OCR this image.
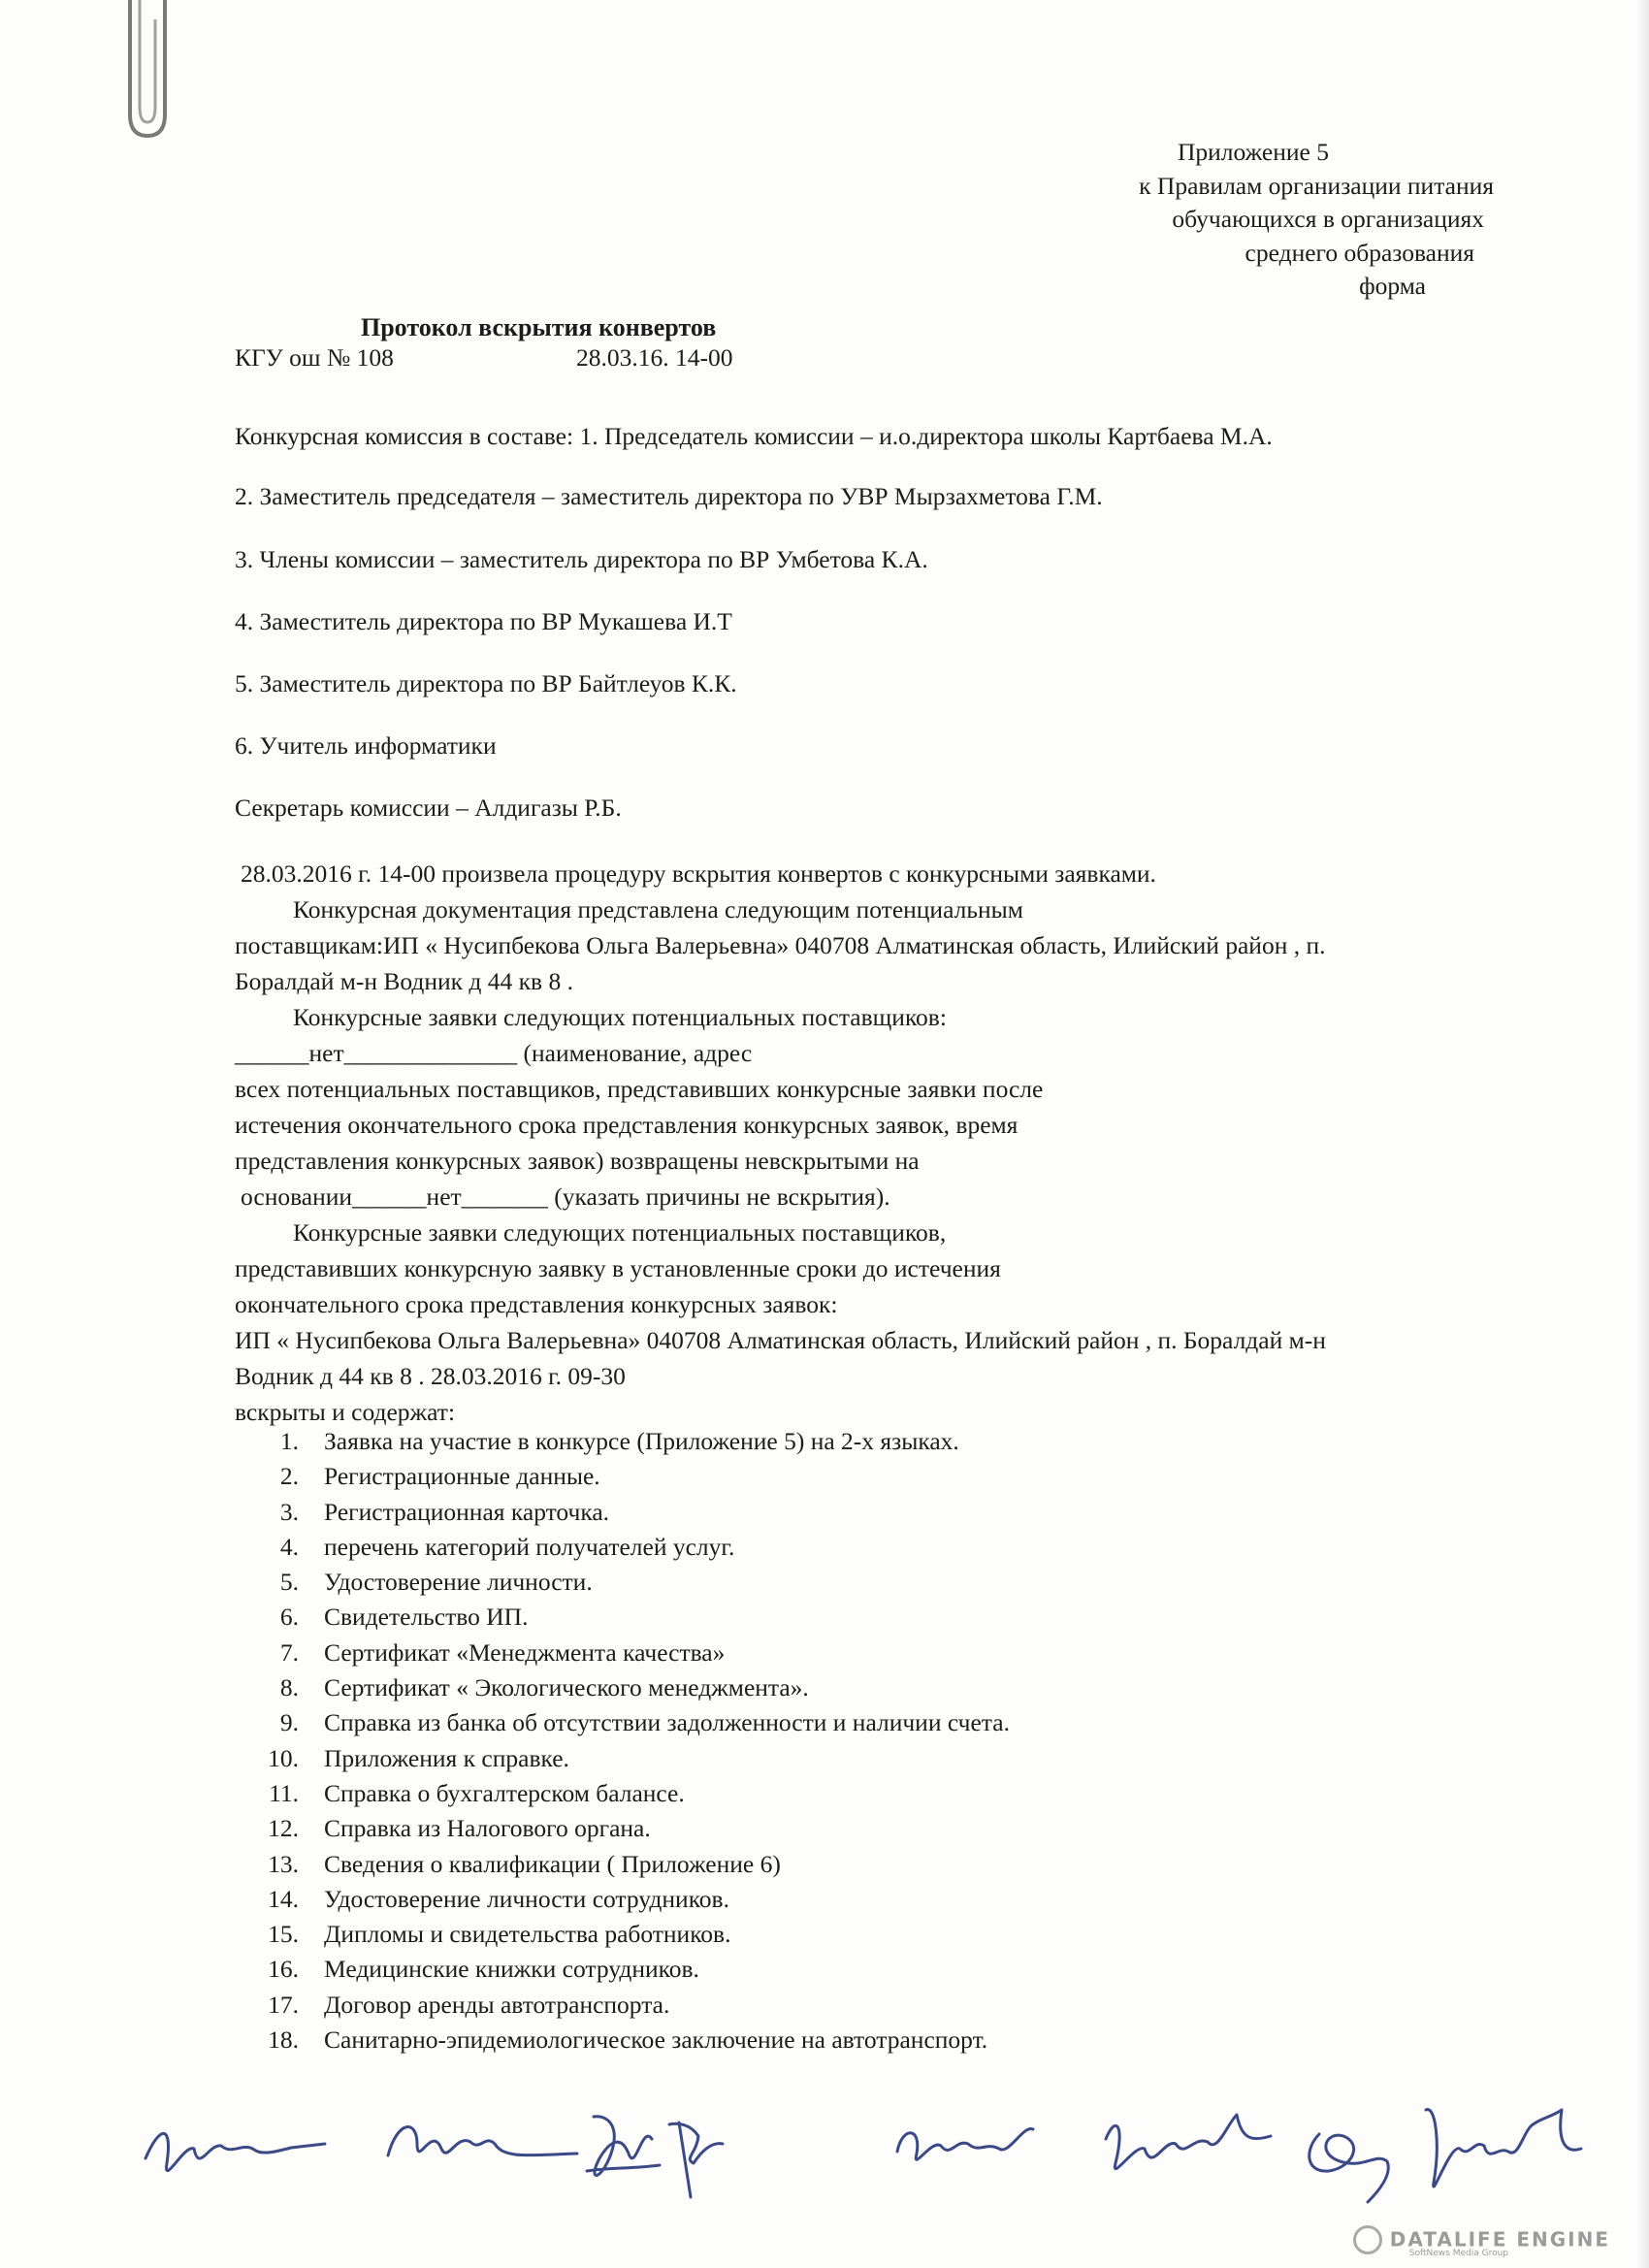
Приложение 5
к Правилам организации питания
обучающихся в организациях
среднего образования
форма
Протокол вскрытия конвертов
КГУ ош № 108	28.03.16. 14-00
Конкурсная комиссия в составе: 1. Председатель комиссии – и.о.директора школы Картбаева М.А.
2. Заместитель председателя – заместитель директора по УВР Мырзахметова Г.М.
3. Члены комиссии – заместитель директора по ВР Умбетова К.А.
4. Заместитель директора по ВР Мукашева И.Т
5. Заместитель директора по ВР Байтлеуов К.К.
6. Учитель информатики
Секретарь комиссии – Алдигазы Р.Б.
28.03.2016 г. 14-00 произвела процедуру вскрытия конвертов с конкурсными заявками.
Конкурсная документация представлена следующим потенциальным
поставщикам:ИП « Нусипбекова Ольга Валерьевна» 040708 Алматинская область, Илийский район , п.
Боралдай м-н Водник д 44 кв 8 .
Конкурсные заявки следующих потенциальных поставщиков:
______нет______________ (наименование, адрес
всех потенциальных поставщиков, представивших конкурсные заявки после
истечения окончательного срока представления конкурсных заявок, время
представления конкурсных заявок) возвращены невскрытыми на
основании______нет_______ (указать причины не вскрытия).
Конкурсные заявки следующих потенциальных поставщиков,
представивших конкурсную заявку в установленные сроки до истечения
окончательного срока представления конкурсных заявок:
ИП « Нусипбекова Ольга Валерьевна» 040708 Алматинская область, Илийский район , п. Боралдай м-н
Водник д 44 кв 8 . 28.03.2016 г. 09-30
вскрыты и содержат:
1. Заявка на участие в конкурсе (Приложение 5) на 2-х языках.
2. Регистрационные данные.
3. Регистрационная карточка.
4. перечень категорий получателей услуг.
5. Удостоверение личности.
6. Свидетельство ИП.
7. Сертификат «Менеджмента качества»
8. Сертификат « Экологического менеджмента».
9. Справка из банка об отсутствии задолженности и наличии счета.
10. Приложения к справке.
11. Справка о бухгалтерском балансе.
12. Справка из Налогового органа.
13. Сведения о квалификации ( Приложение 6)
14. Удостоверение личности сотрудников.
15. Дипломы и свидетельства работников.
16. Медицинские книжки сотрудников.
17. Договор аренды автотранспорта.
18. Санитарно-эпидемиологическое заключение на автотранспорт.
DATALIFE ENGINE
SoftNews Media Group
